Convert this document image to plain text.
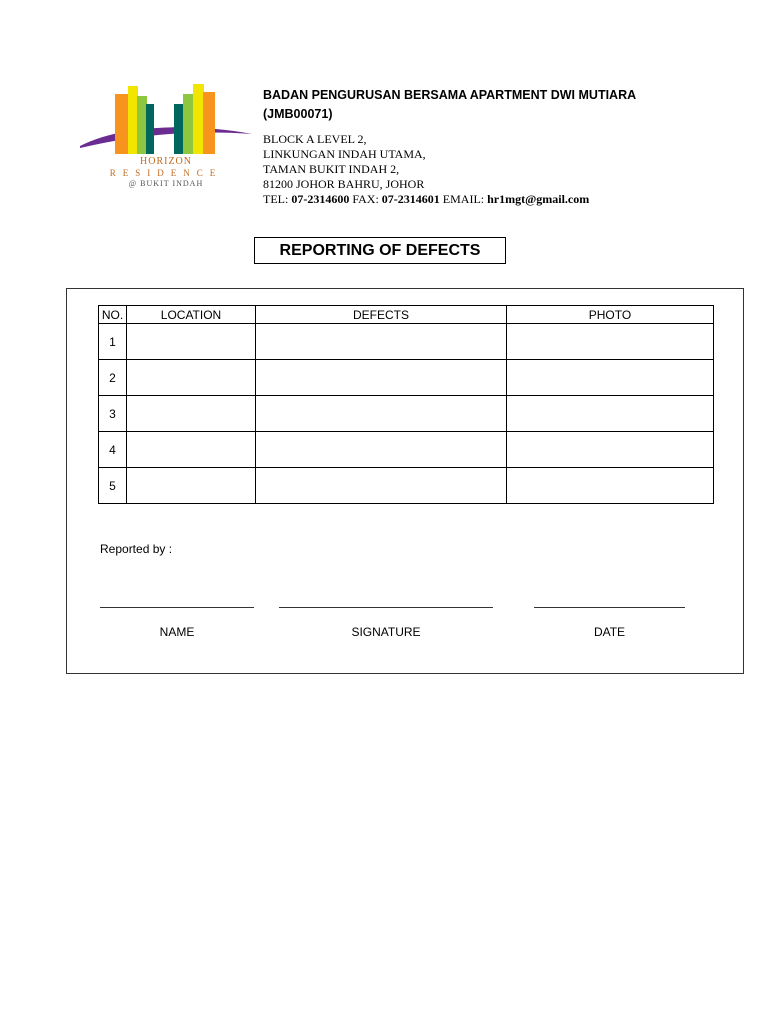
HORIZON
RESIDENCE
@ BUKIT INDAH
BADAN PENGURUSAN BERSAMA APARTMENT DWI MUTIARA
(JMB00071)
BLOCK A LEVEL 2,
LINKUNGAN INDAH UTAMA,
TAMAN BUKIT INDAH 2,
81200 JOHOR BAHRU, JOHOR
TEL: 07-2314600 FAX: 07-2314601 EMAIL: hr1mgt@gmail.com
REPORTING OF DEFECTS
NO.	LOCATION	DEFECTS	PHOTO
1			
2			
3			
4			
5			
Reported by :
NAME	SIGNATURE	DATE
